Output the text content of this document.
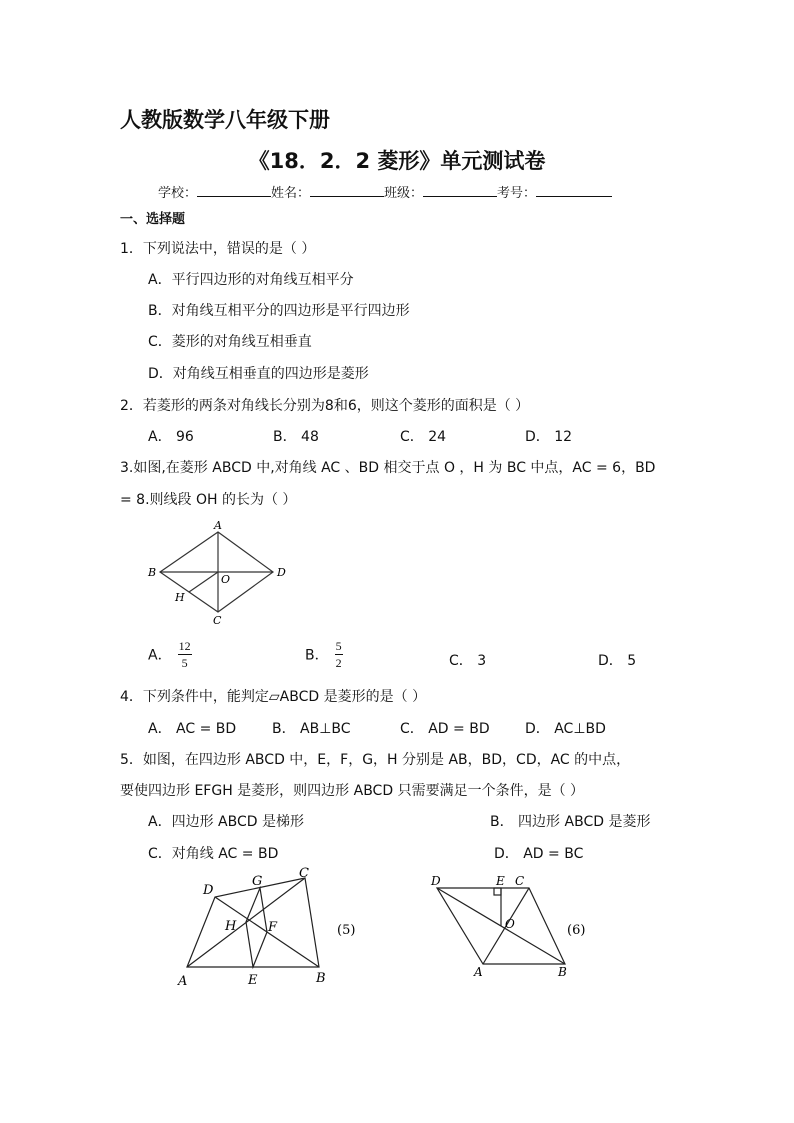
人教版数学八年级下册
《18．2．2 菱形》单元测试卷
学校：	姓名：	班级：	考号：
一、选择题
1．下列说法中，错误的是（ ）
A．平行四边形的对角线互相平分
B．对角线互相平分的四边形是平行四边形
C．菱形的对角线互相垂直
D．对角线互相垂直的四边形是菱形
2．若菱形的两条对角线长分别为8和6，则这个菱形的面积是（ ）
A． 96	B． 48	C． 24	D． 12
3.如图,在菱形 ABCD 中,对角线 AC 、BD 相交于点 O ，H 为 BC 中点，AC = 6，BD
= 8.则线段 OH 的长为（ ）
A
B
C
D
O
H
A． $\frac{12}{5}$	B． $\frac{5}{2}$	C． 3	D． 5
4．下列条件中，能判定▱ABCD 是菱形的是（ ）
A． AC = BD	B． AB⊥BC	C． AD = BD	D． AC⊥BD
5．如图，在四边形 ABCD 中，E，F，G，H 分别是 AB，BD，CD，AC 的中点，
要使四边形 EFGH 是菱形，则四边形 ABCD 只需要满足一个条件，是（ ）
A．四边形 ABCD 是梯形	B． 四边形 ABCD 是菱形
C．对角线 AC = BD	D． AD = BC
A	B
C
D
E
F
G
H	(5)
D	E C
O
A	B
(6)
